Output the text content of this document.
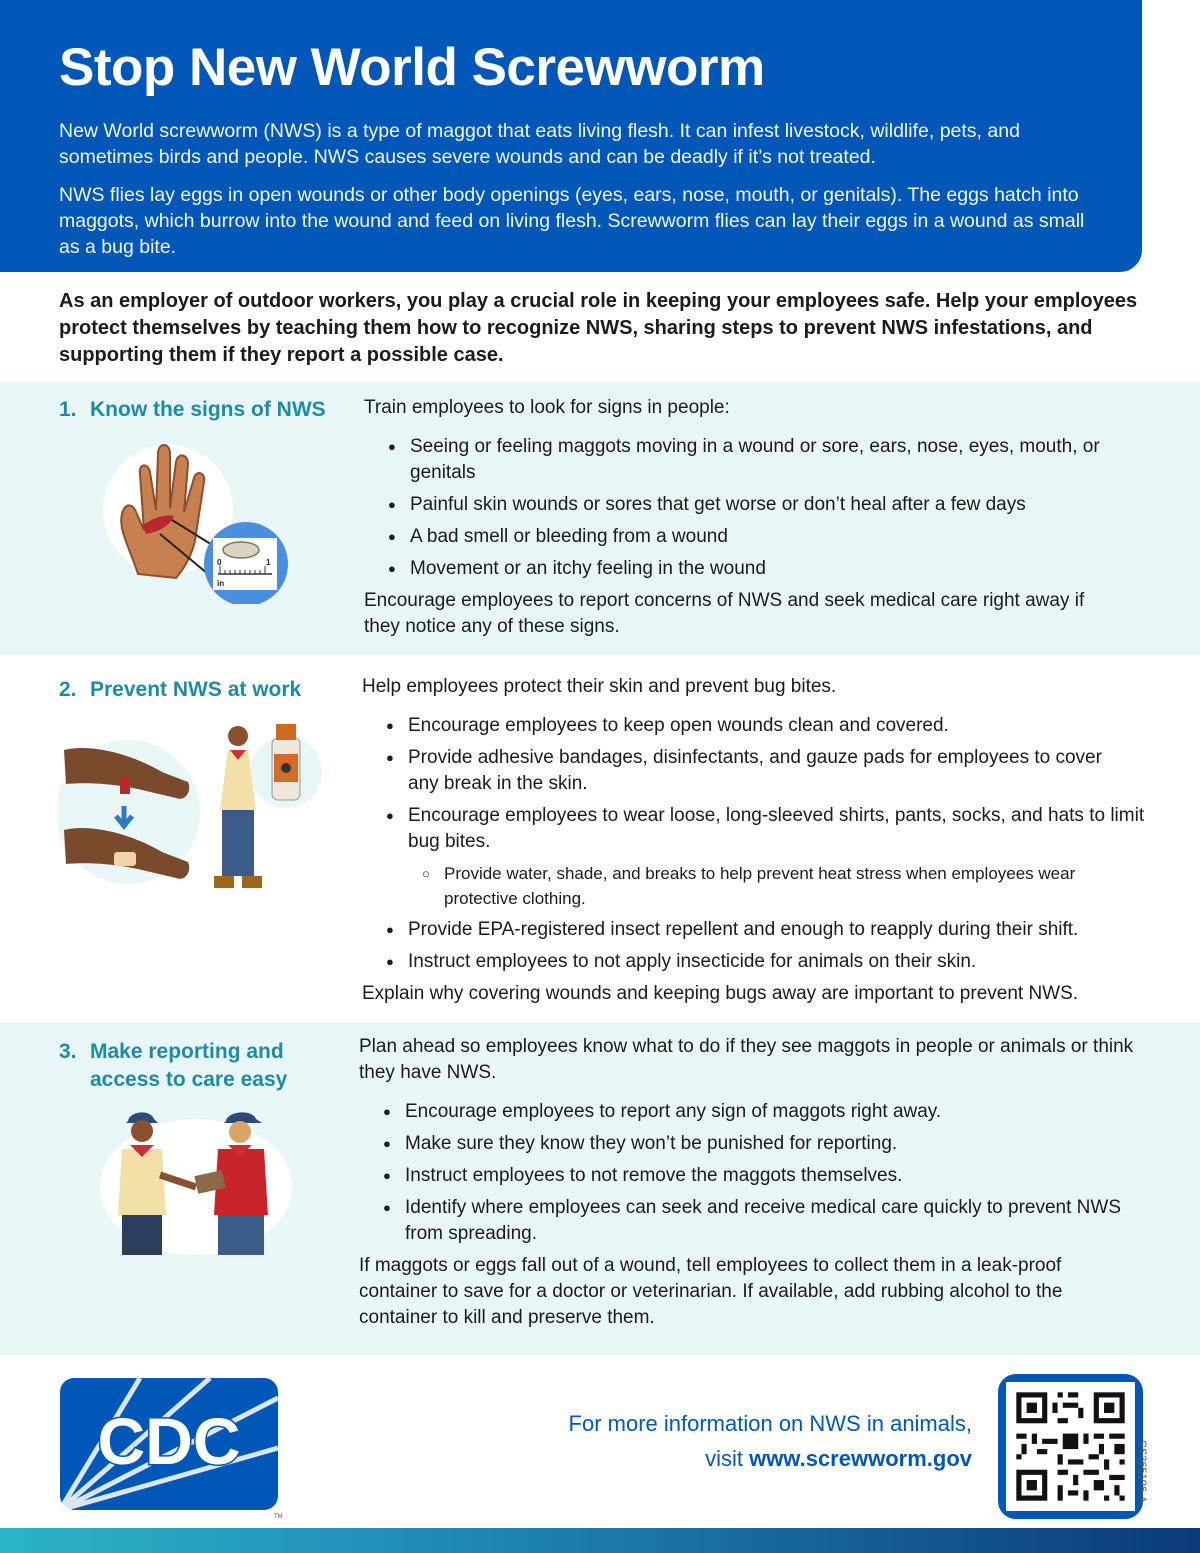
Stop New World Screwworm

New World screwworm (NWS) is a type of maggot that eats living flesh. It can infest livestock, wildlife, pets, and sometimes birds and people. NWS causes severe wounds and can be deadly if it’s not treated.

NWS flies lay eggs in open wounds or other body openings (eyes, ears, nose, mouth, or genitals). The eggs hatch into maggots, which burrow into the wound and feed on living flesh. Screwworm flies can lay their eggs in a wound as small as a bug bite.

As an employer of outdoor workers, you play a crucial role in keeping your employees safe. Help your employees protect themselves by teaching them how to recognize NWS, sharing steps to prevent NWS infestations, and supporting them if they report a possible case.
1. Know the signs of NWS
0	1
in

Train employees to look for signs in people:

● Seeing or feeling maggots moving in a wound or sore, ears, nose, eyes, mouth, or genitals
● Painful skin wounds or sores that get worse or don’t heal after a few days
● A bad smell or bleeding from a wound
● Movement or an itchy feeling in the wound

Encourage employees to report concerns of NWS and seek medical care right away if they notice any of these signs.

2. Prevent NWS at work	Help employees protect their skin and prevent bug bites.

● Encourage employees to keep open wounds clean and covered.
● Provide adhesive bandages, disinfectants, and gauze pads for employees to cover any break in the skin.
● Encourage employees to wear loose, long-sleeved shirts, pants, socks, and hats to limit bug bites.
○ Provide water, shade, and breaks to help prevent heat stress when employees wear protective clothing.
● Provide EPA-registered insect repellent and enough to reapply during their shift.
● Instruct employees to not apply insecticide for animals on their skin.

Explain why covering wounds and keeping bugs away are important to prevent NWS.

3. Make reporting and
access to care easy

Plan ahead so employees know what to do if they see maggots in people or animals or think they have NWS.

● Encourage employees to report any sign of maggots right away.
● Make sure they know they won’t be punished for reporting.
● Instruct employees to not remove the maggots themselves.
● Identify where employees can seek and receive medical care quickly to prevent NWS from spreading.

If maggots or eggs fall out of a wound, tell employees to collect them in a leak-proof container to save for a doctor or veterinarian. If available, add rubbing alcohol to the container to kill and preserve them.

CDC
TM
For more information on NWS in animals,
visit www.screwworm.gov	CS365196-A
